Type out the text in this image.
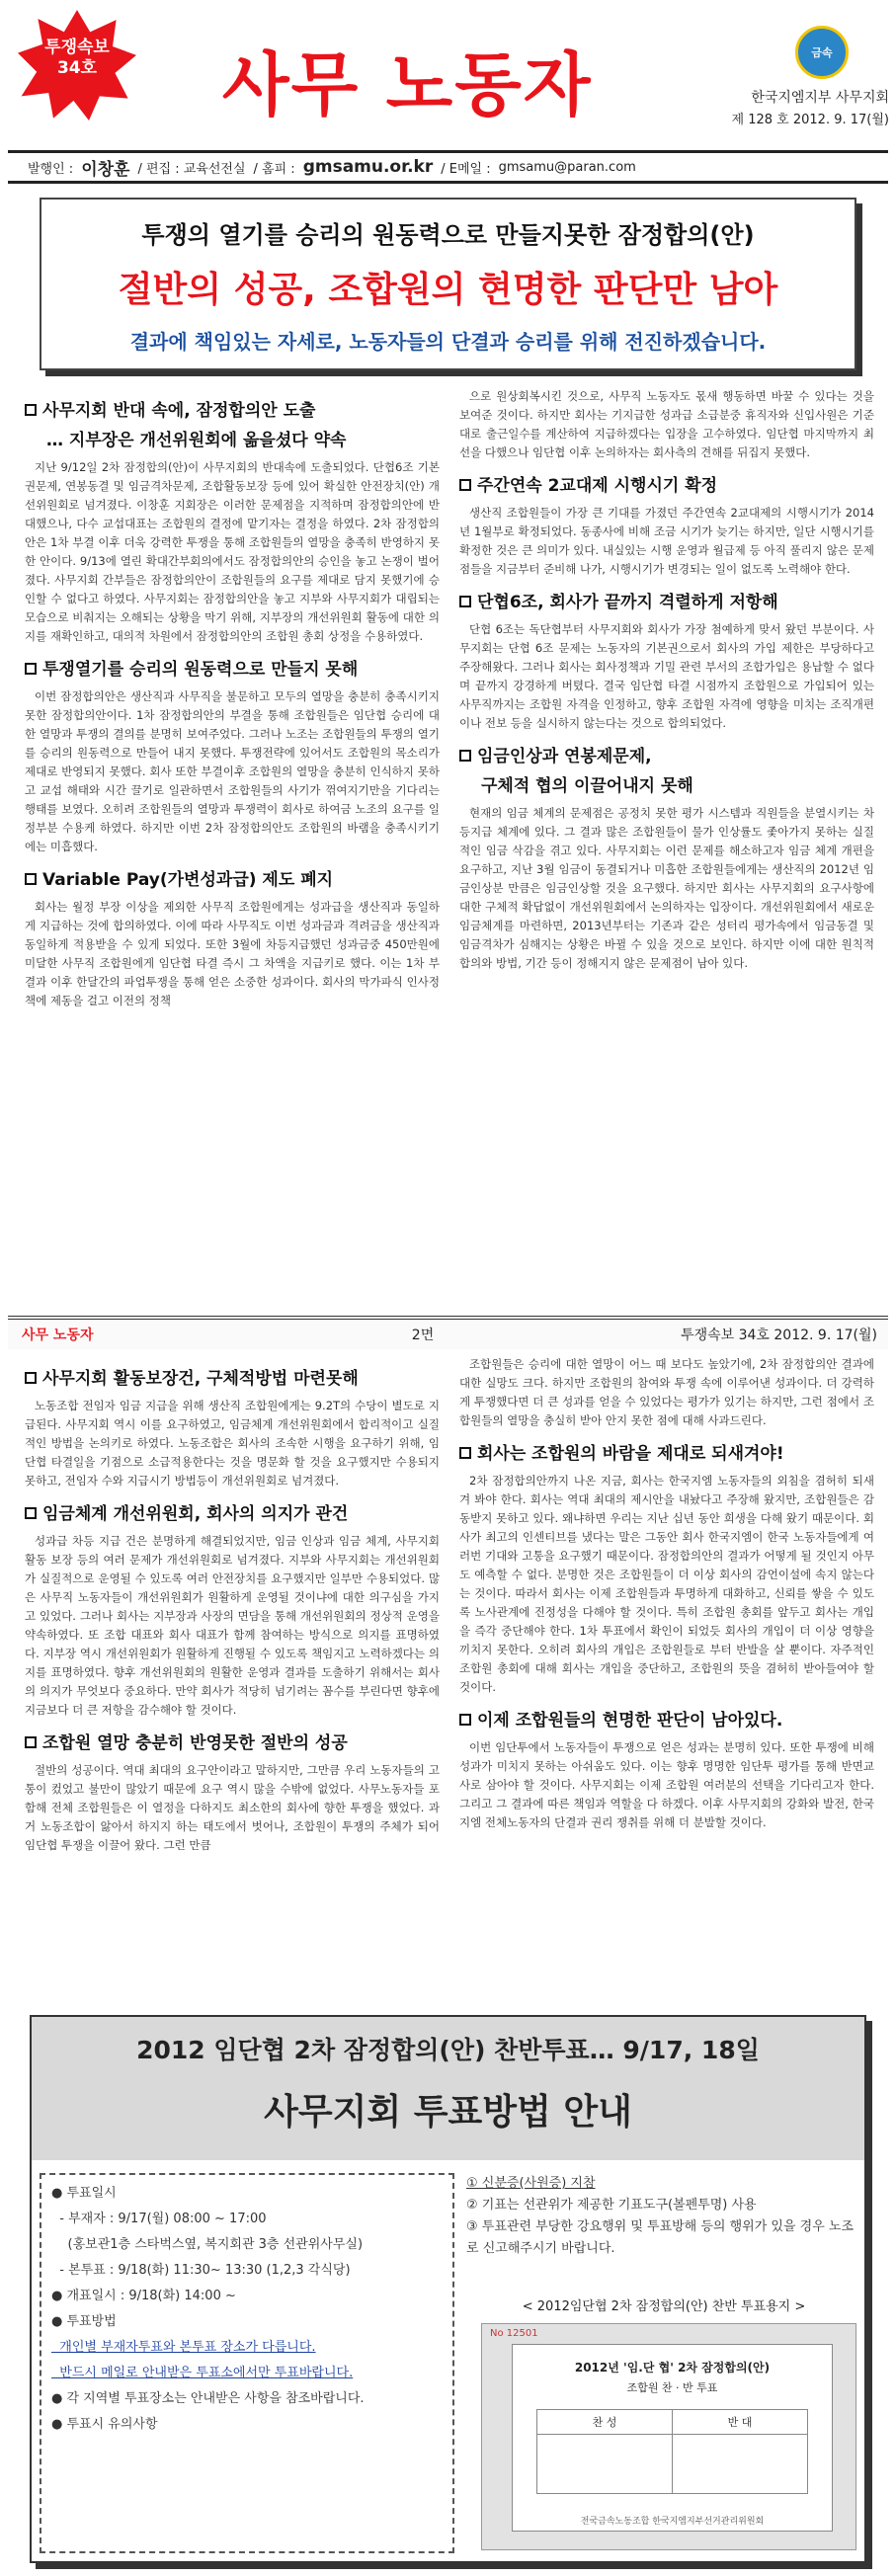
투쟁속보
34호	사무 노동자	금속
한국지엠지부 사무지회
제 128 호 2012. 9. 17(월)
발행인 : 이창훈 / 편집 : 교육선전실 / 홈피 : gmsamu.or.kr / E메일 : gmsamu@paran.com
투쟁의 열기를 승리의 원동력으로 만들지못한 잠정합의(안)
절반의 성공, 조합원의 현명한 판단만 남아
결과에 책임있는 자세로, 노동자들의 단결과 승리를 위해 전진하겠습니다.
사무지회 반대 속에, 잠정합의안 도출
… 지부장은 개선위원회에 옮을셨다 약속
지난 9/12일 2차 잠정합의(안)이 사무지회의 반대속에 도출되었다. 단협6조 기본권문제, 연봉동결 및 임금격차문제, 조합활동보장 등에 있어 확실한 안전장치(안) 개선위원회로 넘겨졌다. 이창훈 지회장은 이러한 문제점을 지적하며 잠정합의안에 반대했으나, 다수 교섭대표는 조합원의 결정에 맡기자는 결정을 하였다. 2차 잠정합의안은 1차 부결 이후 더욱 강력한 투쟁을 통해 조합원들의 열망을 충족히 반영하지 못한 안이다. 9/13에 열린 확대간부회의에서도 잠정합의안의 승인을 놓고 논쟁이 벌어졌다. 사무지회 간부들은 잠정합의안이 조합원들의 요구를 제대로 담지 못했기에 승인할 수 없다고 하였다. 사무지회는 잠정합의안을 놓고 지부와 사무지회가 대립되는 모습으로 비춰지는 오해되는 상황을 막기 위해, 지부장의 개선위원회 활동에 대한 의지를 재확인하고, 대의적 차원에서 잠정합의안의 조합원 총회 상정을 수용하였다.
투쟁열기를 승리의 원동력으로 만들지 못해
이번 잠정합의안은 생산직과 사무직을 불문하고 모두의 열망을 충분히 충족시키지 못한 잠정합의안이다. 1차 잠정합의안의 부결을 통해 조합원들은 임단협 승리에 대한 열망과 투쟁의 결의를 분명히 보여주었다. 그러나 노조는 조합원들의 투쟁의 열기를 승리의 원동력으로 만들어 내지 못했다. 투쟁전략에 있어서도 조합원의 목소리가 제대로 반영되지 못했다. 회사 또한 부결이후 조합원의 열망을 충분히 인식하지 못하고 교섭 해태와 시간 끌기로 일관하면서 조합원들의 사기가 꺾여지기만을 기다리는 행태를 보였다. 오히려 조합원들의 열망과 투쟁력이 회사로 하여금 노조의 요구를 일정부분 수용케 하였다. 하지만 이번 2차 잠정합의안도 조합원의 바램을 충족시키기에는 미흡했다.
Variable Pay(가변성과급) 제도 폐지
회사는 월정 부장 이상을 제외한 사무직 조합원에게는 성과급을 생산직과 동일하게 지급하는 것에 합의하였다. 이에 따라 사무직도 이번 성과금과 격려금을 생산직과 동일하게 적용받을 수 있게 되었다. 또한 3월에 차등지급했던 성과금중 450만원에 미달한 사무직 조합원에게 임단협 타결 즉시 그 차액을 지급키로 했다. 이는 1차 부결과 이후 한달간의 파업투쟁을 통해 얻은 소중한 성과이다. 회사의 막가파식 인사정책에 제동을 걸고 이전의 정책
으로 원상회복시킨 것으로, 사무직 노동자도 몫새 행동하면 바꿀 수 있다는 것을 보여준 것이다. 하지만 회사는 기지급한 성과급 소급분중 휴직자와 신입사원은 기준대로 출근일수를 계산하여 지급하겠다는 입장을 고수하였다. 임단협 마지막까지 최선을 다했으나 임단협 이후 논의하자는 회사측의 견해를 뒤집지 못했다.
주간연속 2교대제 시행시기 확정
생산직 조합원들이 가장 큰 기대를 가졌던 주간연속 2교대제의 시행시기가 2014년 1월부로 확정되었다. 동종사에 비해 조금 시기가 늦기는 하지만, 일단 시행시기를 확정한 것은 큰 의미가 있다. 내실있는 시행 운영과 월급제 등 아직 풀리지 않은 문제점들을 지금부터 준비해 나가, 시행시기가 변경되는 일이 없도록 노력해야 한다.
단협6조, 회사가 끝까지 격렬하게 저항해
단협 6조는 독단협부터 사무지회와 회사가 가장 첨예하게 맞서 왔던 부분이다. 사무지회는 단협 6조 문제는 노동자의 기본권으로서 회사의 가입 제한은 부당하다고 주장해왔다. 그러나 회사는 회사정책과 기밀 관련 부서의 조합가입은 용납할 수 없다며 끝까지 강경하게 버텼다. 결국 임단협 타결 시점까지 조합원으로 가입되어 있는 사무직까지는 조합원 자격을 인정하고, 향후 조합원 자격에 영향을 미치는 조직개편이나 전보 등을 실시하지 않는다는 것으로 합의되었다.
임금인상과 연봉제문제,
구체적 협의 이끌어내지 못해
현재의 임금 체계의 문제점은 공정치 못한 평가 시스템과 직원들을 분열시키는 차등지급 체계에 있다. 그 결과 많은 조합원들이 물가 인상률도 좇아가지 못하는 실질적인 임금 삭감을 겪고 있다. 사무지회는 이런 문제를 해소하고자 임금 체계 개편을 요구하고, 지난 3월 임금이 동결되거나 미흡한 조합원들에게는 생산직의 2012년 임금인상분 만큼은 임금인상할 것을 요구했다. 하지만 회사는 사무지회의 요구사항에 대한 구체적 확답없이 개선위원회에서 논의하자는 입장이다. 개선위원회에서 새로운 임금체계를 마련하면, 2013년부터는 기존과 같은 성터리 평가속에서 임금동결 및 임금격차가 심해지는 상황은 바뀔 수 있을 것으로 보인다. 하지만 이에 대한 원칙적 합의와 방법, 기간 등이 정해지지 않은 문제점이 남아 있다.
사무 노동자	2면	투쟁속보 34호 2012. 9. 17(월)
사무지회 활동보장건, 구체적방법 마련못해
노동조합 전임자 임금 지급을 위해 생산직 조합원에게는 9.2T의 수당이 별도로 지급된다. 사무지회 역시 이를 요구하였고, 임금체계 개선위원회에서 합리적이고 실질적인 방법을 논의키로 하였다. 노동조합은 회사의 조속한 시행을 요구하기 위해, 임단협 타결일을 기점으로 소급적용한다는 것을 명문화 할 것을 요구했지만 수용되지 못하고, 전임자 수와 지급시기 방법등이 개선위원회로 넘겨졌다.
임금체계 개선위원회, 회사의 의지가 관건
성과급 차등 지급 건은 분명하게 해결되었지만, 임금 인상과 임금 체계, 사무지회 활동 보장 등의 여러 문제가 개선위원회로 넘겨졌다. 지부와 사무지회는 개선위원회가 실질적으로 운영될 수 있도록 여러 안전장치를 요구했지만 일부만 수용되었다. 많은 사무직 노동자들이 개선위원회가 원활하게 운영될 것이냐에 대한 의구심을 가지고 있었다. 그러나 회사는 지부장과 사장의 면담을 통해 개선위원회의 정상적 운영을 약속하였다. 또 조합 대표와 회사 대표가 함께 참여하는 방식으로 의지를 표명하였다. 지부장 역시 개선위원회가 원활하게 진행될 수 있도록 책임지고 노력하겠다는 의지를 표명하였다. 향후 개선위원회의 원활한 운영과 결과를 도출하기 위해서는 회사의 의지가 무엇보다 중요하다. 만약 회사가 적당히 넘기려는 꼼수를 부린다면 향후에 지금보다 더 큰 저항을 감수해야 할 것이다.
조합원 열망 충분히 반영못한 절반의 성공
절반의 성공이다. 역대 최대의 요구안이라고 말하지만, 그만큼 우리 노동자들의 고통이 컸었고 불만이 많았기 때문에 요구 역시 많을 수밖에 없었다. 사무노동자들 포함해 전체 조합원들은 이 열정을 다하지도 최소한의 회사에 향한 투쟁을 했었다. 과거 노동조합이 앓아서 하지지 하는 태도에서 벗어나, 조합원이 투쟁의 주체가 되어 임단협 투쟁을 이끌어 왔다. 그런 만큼
조합원들은 승리에 대한 열망이 어느 때 보다도 높았기에, 2차 잠정합의안 결과에 대한 실망도 크다. 하지만 조합원의 참여와 투쟁 속에 이루어낸 성과이다. 더 강력하게 투쟁했다면 더 큰 성과를 얻을 수 있었다는 평가가 있기는 하지만, 그런 점에서 조합원들의 열망을 충실히 받아 안지 못한 점에 대해 사과드린다.
회사는 조합원의 바람을 제대로 되새겨야!
2차 잠정합의안까지 나온 지금, 회사는 한국지엠 노동자들의 외침을 겸허히 되새겨 봐야 한다. 회사는 역대 최대의 제시안을 내놨다고 주장해 왔지만, 조합원들은 감동받지 못하고 있다. 왜냐하면 우리는 지난 십년 동안 희생을 다해 왔기 때문이다. 회사가 최고의 인센티브를 냈다는 말은 그동안 회사 한국지엠이 한국 노동자들에게 여러번 기대와 고통을 요구했기 때문이다. 잠정합의안의 결과가 어떻게 될 것인지 아무도 예측할 수 없다. 분명한 것은 조합원들이 더 이상 회사의 감언이설에 속지 않는다는 것이다. 따라서 회사는 이제 조합원들과 투명하게 대화하고, 신뢰를 쌓을 수 있도록 노사관계에 진정성을 다해야 할 것이다. 특히 조합원 총회를 앞두고 회사는 개입을 즉각 중단해야 한다. 1차 투표에서 확인이 되었듯 회사의 개입이 더 이상 영향을 끼치지 못한다. 오히려 회사의 개입은 조합원들로 부터 반발을 살 뿐이다. 자주적인 조합원 총회에 대해 회사는 개입을 중단하고, 조합원의 뜻을 겸허히 받아들여야 할 것이다.
이제 조합원들의 현명한 판단이 남아있다.
이번 임단투에서 노동자들이 투쟁으로 얻은 성과는 분명히 있다. 또한 투쟁에 비해 성과가 미치지 못하는 아쉬움도 있다. 이는 향후 명명한 임단투 평가를 통해 반면교사로 삼아야 할 것이다. 사무지회는 이제 조합원 여러분의 선택을 기다리고자 한다. 그리고 그 결과에 따른 책임과 역할을 다 하겠다. 이후 사무지회의 강화와 발전, 한국지엠 전체노동자의 단결과 권리 쟁취를 위해 더 분발할 것이다.
2012 임단협 2차 잠정합의(안) 찬반투표… 9/17, 18일
사무지회 투표방법 안내
● 투표일시
- 부재자 : 9/17(월) 08:00 ~ 17:00
(홍보관1층 스타벅스옆, 복지회관 3층 선관위사무실)
- 본투표 : 9/18(화) 11:30~ 13:30 (1,2,3 각식당)
● 개표일시 : 9/18(화) 14:00 ~
● 투표방법
개인별 부재자투표와 본투표 장소가 다릅니다.
반드시 메일로 안내받은 투표소에서만 투표바랍니다.
● 각 지역별 투표장소는 안내받은 사항을 참조바랍니다.
● 투표시 유의사항
① 신분증(사원증) 지참
② 기표는 선관위가 제공한 기표도구(볼펜투명) 사용
③ 투표관련 부당한 강요행위 및 투표방해 등의 행위가 있을 경우 노조로 신고해주시기 바랍니다.
< 2012임단협 2차 잠정합의(안) 찬반 투표용지 >
No 12501
2012년 '임.단 협' 2차 잠정합의(안)
조합원 찬 · 반 투표
찬 성	반 대
전국금속노동조합 한국지엠지부선거관리위원회
